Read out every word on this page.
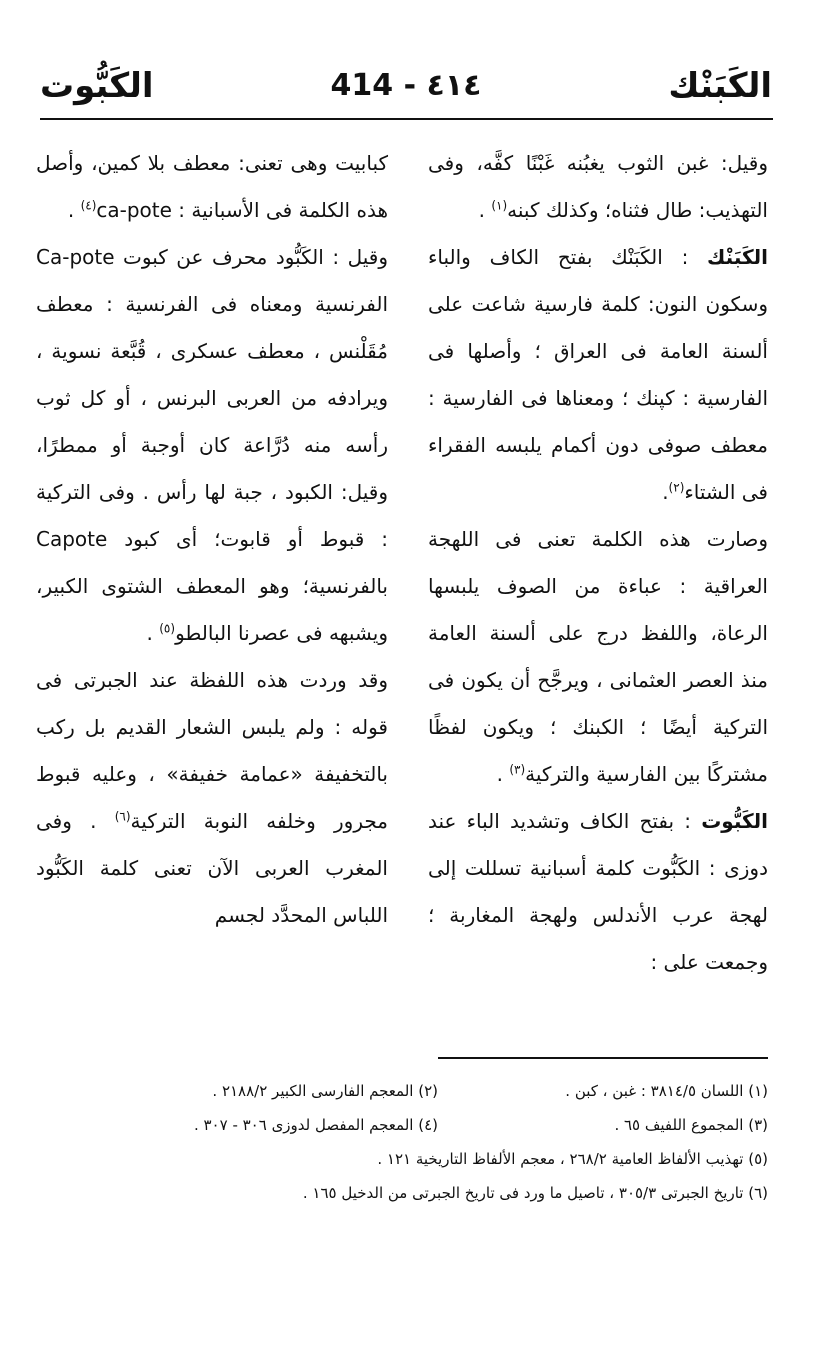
الكَبَنْك
414 - ٤١٤
الكَبُّوت

وقيل: غبن الثوب يغبُنه غَبْنًا كفَّه، وفى التهذيب: طال فثناه؛ وكذلك كبنه$^{(١)}$ .

الكَبَنْك : الكَبَنْك بفتح الكاف والباء وسكون النون: كلمة فارسية شاعت على ألسنة العامة فى العراق ؛ وأصلها فى الفارسية : كپنك ؛ ومعناها فى الفارسية : معطف صوفى دون أكمام يلبسه الفقراء فى الشتاء$^{(٢)}$.

وصارت هذه الكلمة تعنى فى اللهجة العراقية : عباءة من الصوف يلبسها الرعاة، واللفظ درج على ألسنة العامة منذ العصر العثمانى ، ويرجَّح أن يكون فى التركية أيضًا ؛ الكبنك ؛ ويكون لفظًا مشتركًا بين الفارسية والتركية$^{(٣)}$ .

الكَبُّوت : بفتح الكاف وتشديد الباء عند دوزى : الكَبُّوت كلمة أسبانية تسللت إلى لهجة عرب الأندلس ولهجة المغاربة ؛ وجمعت على :

كبابيت وهى تعنى: معطف بلا كمين، وأصل هذه الكلمة فى الأسبانية : ca-pote$^{(٤)}$ .

وقيل : الكَبُّود محرف عن كبوت Ca-pote الفرنسية ومعناه فى الفرنسية : معطف مُقَلْنس ، معطف عسكرى ، قُبَّعة نسوية ، ويرادفه من العربى البرنس ، أو كل ثوب رأسه منه دُرَّاعة كان أوجبة أو ممطرًا، وقيل: الكبود ، جبة لها رأس . وفى التركية : قبوط أو قابوت؛ أى كبود Capote بالفرنسية؛ وهو المعطف الشتوى الكبير، ويشبهه فى عصرنا البالطو$^{(٥)}$ .

وقد وردت هذه اللفظة عند الجبرتى فى قوله : ولم يلبس الشعار القديم بل ركب بالتخفيفة «عمامة خفيفة» ، وعليه قبوط مجرور وخلفه النوبة التركية$^{(٦)}$ . وفى المغرب العربى الآن تعنى كلمة الكَبُّود اللباس المحدَّد لجسم

(١) اللسان ٣٨١٤/٥ : غبن ، كبن .
(٢) المعجم الفارسى الكبير ٢١٨٨/٢ .
(٣) المجموع اللفيف ٦٥ .
(٤) المعجم المفصل لدوزى ٣٠٦ - ٣٠٧ .
(٥) تهذيب الألفاظ العامية ٢٦٨/٢ ، معجم الألفاظ التاريخية ١٢١ .
(٦) تاريخ الجبرتى ٣٠٥/٣ ، تاصيل ما ورد فى تاريخ الجبرتى من الدخيل ١٦٥ .
